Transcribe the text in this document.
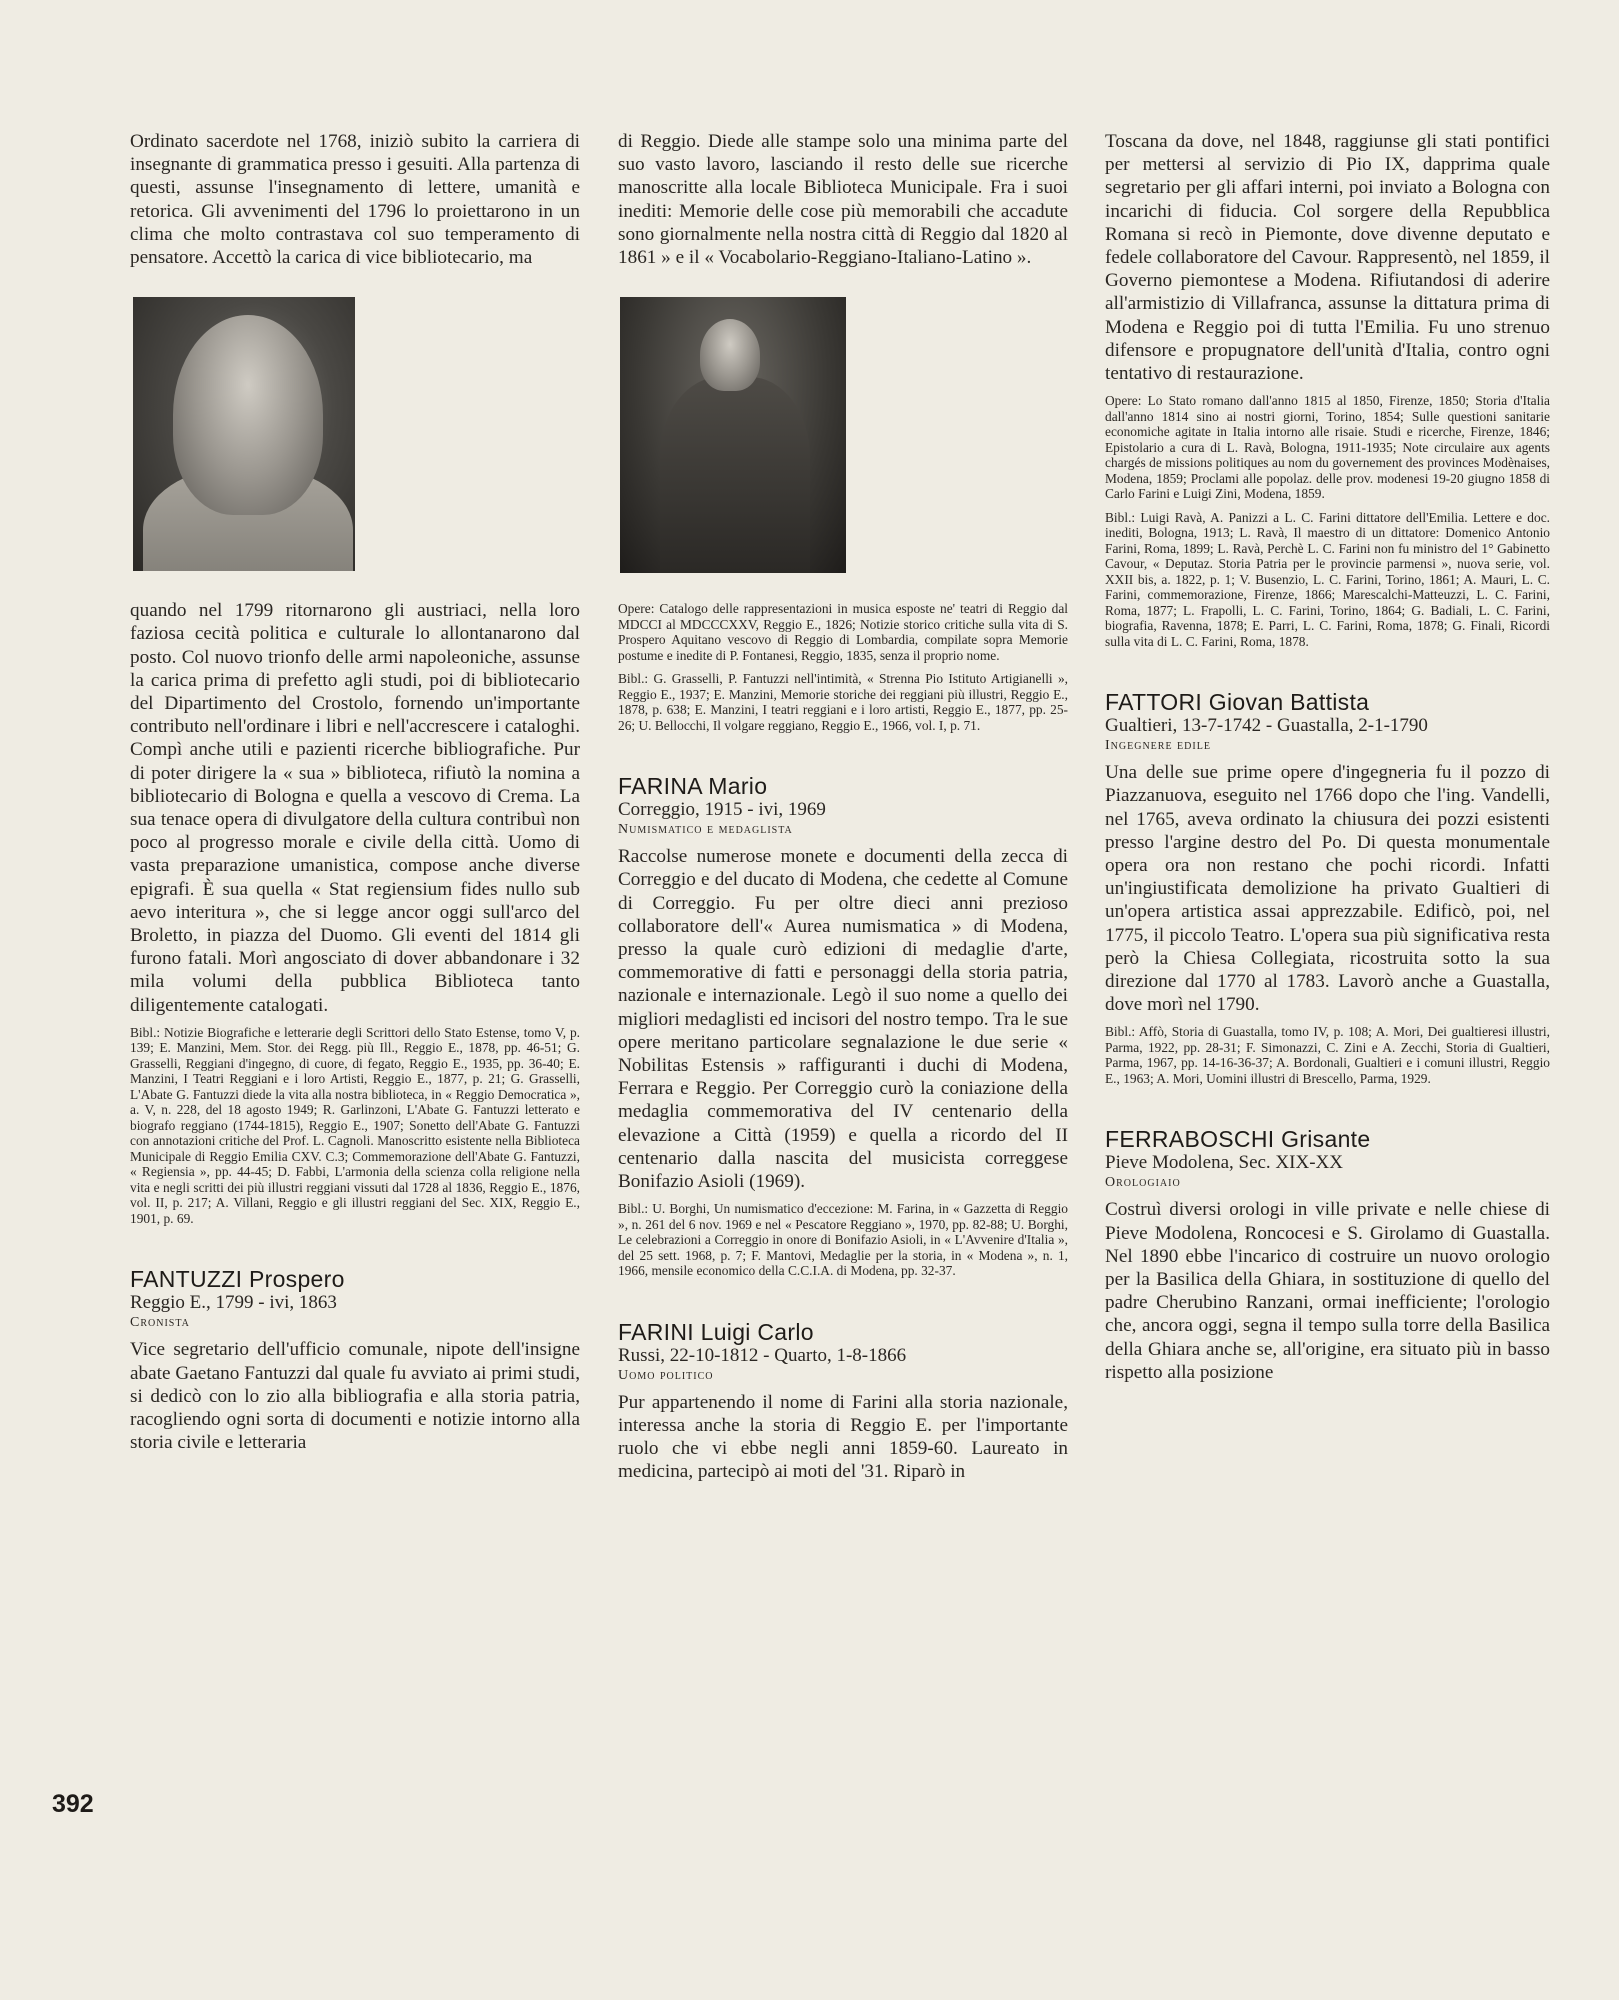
392

Ordinato sacerdote nel 1768, iniziò subito la carriera di insegnante di grammatica presso i gesuiti. Alla partenza di questi, assunse l'insegnamento di lettere, umanità e retorica. Gli avvenimenti del 1796 lo proiettarono in un clima che molto contrastava col suo temperamento di pensatore. Accettò la carica di vice bibliotecario, ma

quando nel 1799 ritornarono gli austriaci, nella loro faziosa cecità politica e culturale lo allontanarono dal posto. Col nuovo trionfo delle armi napoleoniche, assunse la carica prima di prefetto agli studi, poi di bibliotecario del Dipartimento del Crostolo, fornendo un'importante contributo nell'ordinare i libri e nell'accrescere i cataloghi. Compì anche utili e pazienti ricerche bibliografiche. Pur di poter dirigere la « sua » biblioteca, rifiutò la nomina a bibliotecario di Bologna e quella a vescovo di Crema. La sua tenace opera di divulgatore della cultura contribuì non poco al progresso morale e civile della città. Uomo di vasta preparazione umanistica, compose anche diverse epigrafi. È sua quella « Stat regiensium fides nullo sub aevo interitura », che si legge ancor oggi sull'arco del Broletto, in piazza del Duomo. Gli eventi del 1814 gli furono fatali. Morì angosciato di dover abbandonare i 32 mila volumi della pubblica Biblioteca tanto diligentemente catalogati.

Bibl.: Notizie Biografiche e letterarie degli Scrittori dello Stato Estense, tomo V, p. 139; E. Manzini, Mem. Stor. dei Regg. più Ill., Reggio E., 1878, pp. 46-51; G. Grasselli, Reggiani d'ingegno, di cuore, di fegato, Reggio E., 1935, pp. 36-40; E. Manzini, I Teatri Reggiani e i loro Artisti, Reggio E., 1877, p. 21; G. Grasselli, L'Abate G. Fantuzzi diede la vita alla nostra biblioteca, in « Reggio Democratica », a. V, n. 228, del 18 agosto 1949; R. Garlinzoni, L'Abate G. Fantuzzi letterato e biografo reggiano (1744-1815), Reggio E., 1907; Sonetto dell'Abate G. Fantuzzi con annotazioni critiche del Prof. L. Cagnoli. Manoscritto esistente nella Biblioteca Municipale di Reggio Emilia CXV. C.3; Commemorazione dell'Abate G. Fantuzzi, « Regiensia », pp. 44-45; D. Fabbi, L'armonia della scienza colla religione nella vita e negli scritti dei più illustri reggiani vissuti dal 1728 al 1836, Reggio E., 1876, vol. II, p. 217; A. Villani, Reggio e gli illustri reggiani del Sec. XIX, Reggio E., 1901, p. 69.

FANTUZZI Prospero
Reggio E., 1799 - ivi, 1863
Cronista

Vice segretario dell'ufficio comunale, nipote dell'insigne abate Gaetano Fantuzzi dal quale fu avviato ai primi studi, si dedicò con lo zio alla bibliografia e alla storia patria, racogliendo ogni sorta di documenti e notizie intorno alla storia civile e letteraria

di Reggio. Diede alle stampe solo una minima parte del suo vasto lavoro, lasciando il resto delle sue ricerche manoscritte alla locale Biblioteca Municipale. Fra i suoi inediti: Memorie delle cose più memorabili che accadute sono giornalmente nella nostra città di Reggio dal 1820 al 1861 » e il « Vocabolario-Reggiano-Italiano-Latino ».

Opere: Catalogo delle rappresentazioni in musica esposte ne' teatri di Reggio dal MDCCI al MDCCCXXV, Reggio E., 1826; Notizie storico critiche sulla vita di S. Prospero Aquitano vescovo di Reggio di Lombardia, compilate sopra Memorie postume e inedite di P. Fontanesi, Reggio, 1835, senza il proprio nome.

Bibl.: G. Grasselli, P. Fantuzzi nell'intimità, « Strenna Pio Istituto Artigianelli », Reggio E., 1937; E. Manzini, Memorie storiche dei reggiani più illustri, Reggio E., 1878, p. 638; E. Manzini, I teatri reggiani e i loro artisti, Reggio E., 1877, pp. 25-26; U. Bellocchi, Il volgare reggiano, Reggio E., 1966, vol. I, p. 71.

FARINA Mario
Correggio, 1915 - ivi, 1969
Numismatico e medaglista

Raccolse numerose monete e documenti della zecca di Correggio e del ducato di Modena, che cedette al Comune di Correggio. Fu per oltre dieci anni prezioso collaboratore dell'« Aurea numismatica » di Modena, presso la quale curò edizioni di medaglie d'arte, commemorative di fatti e personaggi della storia patria, nazionale e internazionale. Legò il suo nome a quello dei migliori medaglisti ed incisori del nostro tempo. Tra le sue opere meritano particolare segnalazione le due serie « Nobilitas Estensis » raffiguranti i duchi di Modena, Ferrara e Reggio. Per Correggio curò la coniazione della medaglia commemorativa del IV centenario della elevazione a Città (1959) e quella a ricordo del II centenario dalla nascita del musicista correggese Bonifazio Asioli (1969).

Bibl.: U. Borghi, Un numismatico d'eccezione: M. Farina, in « Gazzetta di Reggio », n. 261 del 6 nov. 1969 e nel « Pescatore Reggiano », 1970, pp. 82-88; U. Borghi, Le celebrazioni a Correggio in onore di Bonifazio Asioli, in « L'Avvenire d'Italia », del 25 sett. 1968, p. 7; F. Mantovi, Medaglie per la storia, in « Modena », n. 1, 1966, mensile economico della C.C.I.A. di Modena, pp. 32-37.

FARINI Luigi Carlo
Russi, 22-10-1812 - Quarto, 1-8-1866
Uomo politico

Pur appartenendo il nome di Farini alla storia nazionale, interessa anche la storia di Reggio E. per l'importante ruolo che vi ebbe negli anni 1859-60. Laureato in medicina, partecipò ai moti del '31. Riparò in

Toscana da dove, nel 1848, raggiunse gli stati pontifici per mettersi al servizio di Pio IX, dapprima quale segretario per gli affari interni, poi inviato a Bologna con incarichi di fiducia. Col sorgere della Repubblica Romana si recò in Piemonte, dove divenne deputato e fedele collaboratore del Cavour. Rappresentò, nel 1859, il Governo piemontese a Modena. Rifiutandosi di aderire all'armistizio di Villafranca, assunse la dittatura prima di Modena e Reggio poi di tutta l'Emilia. Fu uno strenuo difensore e propugnatore dell'unità d'Italia, contro ogni tentativo di restaurazione.

Opere: Lo Stato romano dall'anno 1815 al 1850, Firenze, 1850; Storia d'Italia dall'anno 1814 sino ai nostri giorni, Torino, 1854; Sulle questioni sanitarie economiche agitate in Italia intorno alle risaie. Studi e ricerche, Firenze, 1846; Epistolario a cura di L. Ravà, Bologna, 1911-1935; Note circulaire aux agents chargés de missions politiques au nom du governement des provinces Modènaises, Modena, 1859; Proclami alle popolaz. delle prov. modenesi 19-20 giugno 1858 di Carlo Farini e Luigi Zini, Modena, 1859.

Bibl.: Luigi Ravà, A. Panizzi a L. C. Farini dittatore dell'Emilia. Lettere e doc. inediti, Bologna, 1913; L. Ravà, Il maestro di un dittatore: Domenico Antonio Farini, Roma, 1899; L. Ravà, Perchè L. C. Farini non fu ministro del 1° Gabinetto Cavour, « Deputaz. Storia Patria per le provincie parmensi », nuova serie, vol. XXII bis, a. 1822, p. 1; V. Busenzio, L. C. Farini, Torino, 1861; A. Mauri, L. C. Farini, commemorazione, Firenze, 1866; Marescalchi-Matteuzzi, L. C. Farini, Roma, 1877; L. Frapolli, L. C. Farini, Torino, 1864; G. Badiali, L. C. Farini, biografia, Ravenna, 1878; E. Parri, L. C. Farini, Roma, 1878; G. Finali, Ricordi sulla vita di L. C. Farini, Roma, 1878.

FATTORI Giovan Battista
Gualtieri, 13-7-1742 - Guastalla, 2-1-1790
Ingegnere edile

Una delle sue prime opere d'ingegneria fu il pozzo di Piazzanuova, eseguito nel 1766 dopo che l'ing. Vandelli, nel 1765, aveva ordinato la chiusura dei pozzi esistenti presso l'argine destro del Po. Di questa monumentale opera ora non restano che pochi ricordi. Infatti un'ingiustificata demolizione ha privato Gualtieri di un'opera artistica assai apprezzabile. Edificò, poi, nel 1775, il piccolo Teatro. L'opera sua più significativa resta però la Chiesa Collegiata, ricostruita sotto la sua direzione dal 1770 al 1783. Lavorò anche a Guastalla, dove morì nel 1790.

Bibl.: Affò, Storia di Guastalla, tomo IV, p. 108; A. Mori, Dei gualtieresi illustri, Parma, 1922, pp. 28-31; F. Simonazzi, C. Zini e A. Zecchi, Storia di Gualtieri, Parma, 1967, pp. 14-16-36-37; A. Bordonali, Gualtieri e i comuni illustri, Reggio E., 1963; A. Mori, Uomini illustri di Brescello, Parma, 1929.

FERRABOSCHI Grisante
Pieve Modolena, Sec. XIX-XX
Orologiaio

Costruì diversi orologi in ville private e nelle chiese di Pieve Modolena, Roncocesi e S. Girolamo di Guastalla. Nel 1890 ebbe l'incarico di costruire un nuovo orologio per la Basilica della Ghiara, in sostituzione di quello del padre Cherubino Ranzani, ormai inefficiente; l'orologio che, ancora oggi, segna il tempo sulla torre della Basilica della Ghiara anche se, all'origine, era situato più in basso rispetto alla posizione
